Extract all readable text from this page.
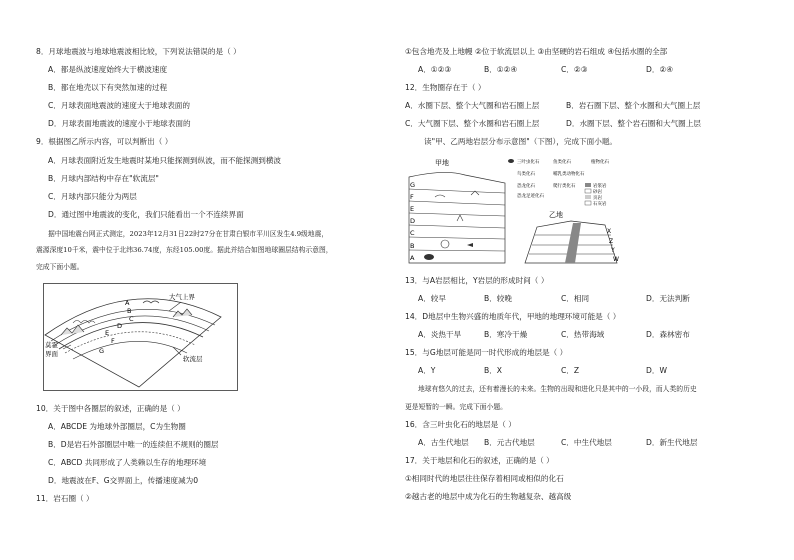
8．月球地震波与地球地震波相比较，下列说法错误的是（ ）
A．都是纵波速度始终大于横波速度
B．都在地壳以下有突然加速的过程
C．月球表面地震波的速度大于地球表面的
D．月球表面地震波的速度小于地球表面的
9．根据图乙所示内容，可以判断出（ ）
A．月球表面附近发生地震时某地只能探测到纵波，而不能探测到横波
B．月球内部结构中存在"软流层"
C．月球内部只能分为两层
D．通过图中地震波的变化，我们只能看出一个不连续界面
据中国地震台网正式测定，2023年12月31日22时27分在甘肃白银市平川区发生4.9级地震，
震源深度10千米，震中位于北纬36.74度，东经105.00度。据此并结合如图地球圈层结构示意图，
完成下面小题。
大气上界
A
B
C
D
E
F
G
莫霍
界面
软流层
10．关于图中各圈层的叙述，正确的是（ ）
A．ABCDE 为地球外部圈层，C为生物圈
B．D是岩石外部圈层中唯一的连续但不规则的圈层
C．ABCD 共同形成了人类赖以生存的地理环境
D．地震波在F、G交界面上，传播速度减为0
11．岩石圈（ ）
①包含地壳及上地幔 ②位于软流层以上 ③由坚硬的岩石组成 ④包括水圈的全部
A．①②③	B．①②④	C．②③	D．②④
12．生物圈存在于（ ）
A．水圈下层、整个大气圈和岩石圈上层	B．岩石圈下层、整个水圈和大气圈上层
C．大气圈下层、整个水圈和岩石圈上层	D．水圈下层、整个岩石圈和大气圈上层
读"甲、乙两地岩层分布示意图"（下图），完成下面小题。
甲地
G
F
E
D
C
B
A
三叶虫化石	鱼类化石	植物化石
鸟类化石	哺乳类动物化石
恐龙化石	爬行类化石
恐龙足迹化石
岩浆岩
砂岩
页岩
石灰岩
乙地
X
Z
Y
W
13．与A岩层相比，Y岩层的形成时间（ ）
A．较早	B．较晚	C．相同	D．无法判断
14．D地层中生物兴盛的地质年代，甲地的地理环境可能是（ ）
A．炎热干旱	B．寒冷干燥	C．热带海域	D．森林密布
15．与G地层可能是同一时代形成的地层是（ ）
A．Y	B．X	C．Z	D．W
地球有悠久的过去，还有着漫长的未来。生物的出现和进化只是其中的一小段，而人类的历史
更是短暂的一瞬。完成下面小题。
16．含三叶虫化石的地层是（ ）
A．古生代地层 B．元古代地层	C．中生代地层	D．新生代地层
17．关于地层和化石的叙述，正确的是（ ）
①相同时代的地层往往保存着相同或相似的化石
②越古老的地层中成为化石的生物越复杂、越高级
